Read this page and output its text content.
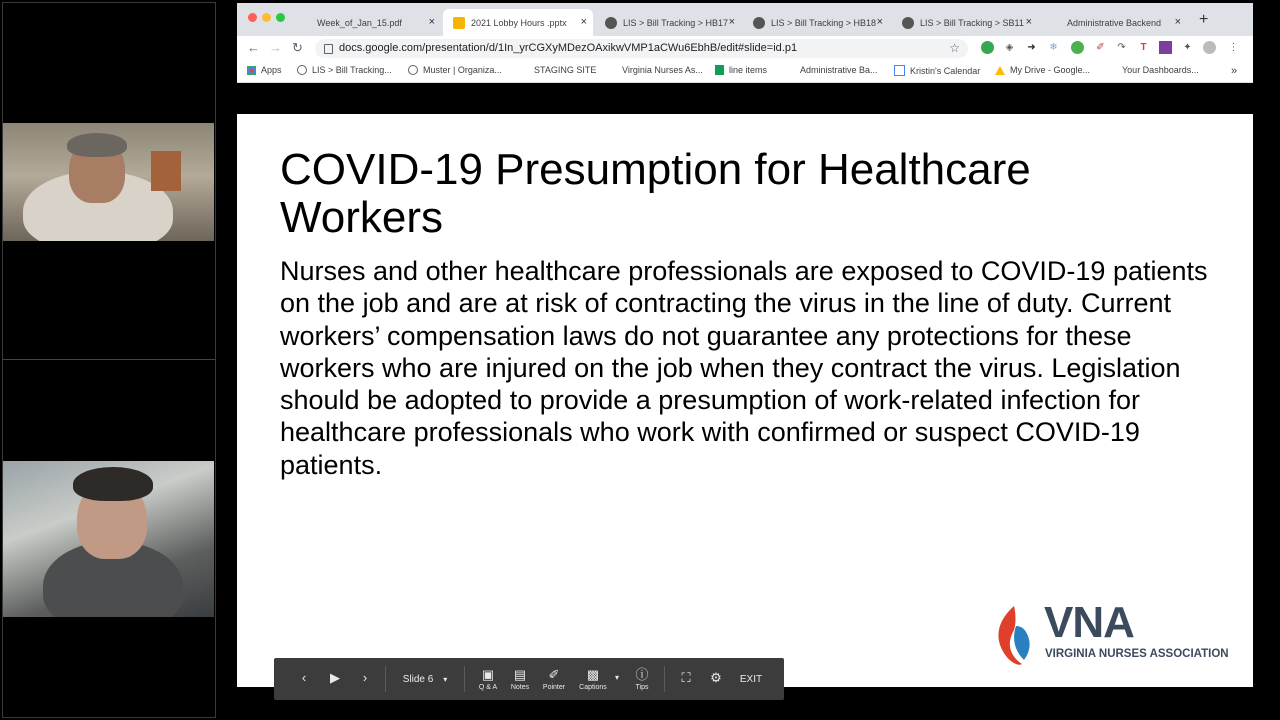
Week_of_Jan_15.pdf ×	2021 Lobby Hours .pptx ×	LIS > Bill Tracking > HB17 ×	LIS > Bill Tracking > HB18 ×	LIS > Bill Tracking > SB11 ×	Administrative Backend × +
← → ↻	docs.google.com/presentation/d/1In_yrCGXyMDezOAxikwVMP1aCWu6EbhB/edit#slide=id.p1	☆	◈ ➜ ❄	✐ ↷	T	✦	⋮
Apps	LIS > Bill Tracking...	Muster | Organiza...	STAGING SITE	Virginia Nurses As...	line items	Administrative Ba...	Kristin's Calendar	My Drive - Google...	Your Dashboards...	»
COVID-19 Presumption for Healthcare Workers
Nurses and other healthcare professionals are exposed to COVID-19 patients on the job and are at risk of contracting the virus in the line of duty. Current workers’ compensation laws do not guarantee any protections for these workers who are injured on the job when they contract the virus. Legislation should be adopted to provide a presumption of work-related infection for healthcare professionals who work with confirmed or suspect COVID-19 patients.
VNA
VIRGINIA NURSES ASSOCIATION
‹ ▶ ›	Slide 6 ▾	▣
Q & A
▤
Notes
✐
Pointer
▩
Captions
▾ ⓘ
Tips
⛶ ⚙ EXIT
